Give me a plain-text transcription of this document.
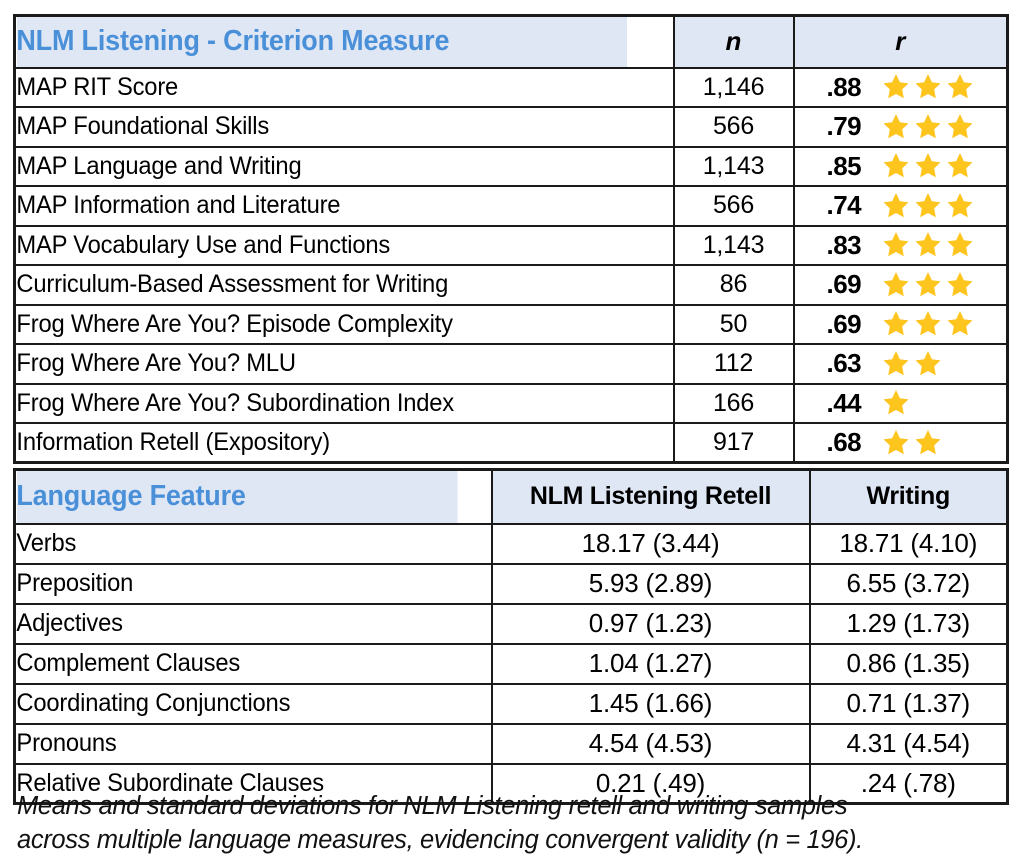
NLM Listening - Criterion Measure	n	r
MAP RIT Score	1,146	.88

MAP Foundational Skills	566	.79

MAP Language and Writing	1,143	.85

MAP Information and Literature	566	.74

MAP Vocabulary Use and Functions	1,143	.83

Curriculum-Based Assessment for Writing	86	.69

Frog Where Are You? Episode Complexity	50	.69

Frog Where Are You? MLU	112	.63

Frog Where Are You? Subordination Index	166	.44

Information Retell (Expository)	917	.68
Language Feature	NLM Listening Retell	Writing
Verbs	18.17 (3.44)	18.71 (4.10)
Preposition	5.93 (2.89)	6.55 (3.72)
Adjectives	0.97 (1.23)	1.29 (1.73)
Complement Clauses	1.04 (1.27)	0.86 (1.35)
Coordinating Conjunctions	1.45 (1.66)	0.71 (1.37)
Pronouns	4.54 (4.53)	4.31 (4.54)
Relative Subordinate Clauses	0.21 (.49)	.24 (.78)
Means and standard deviations for NLM Listening retell and writing samples
across multiple language measures, evidencing convergent validity (n = 196).
